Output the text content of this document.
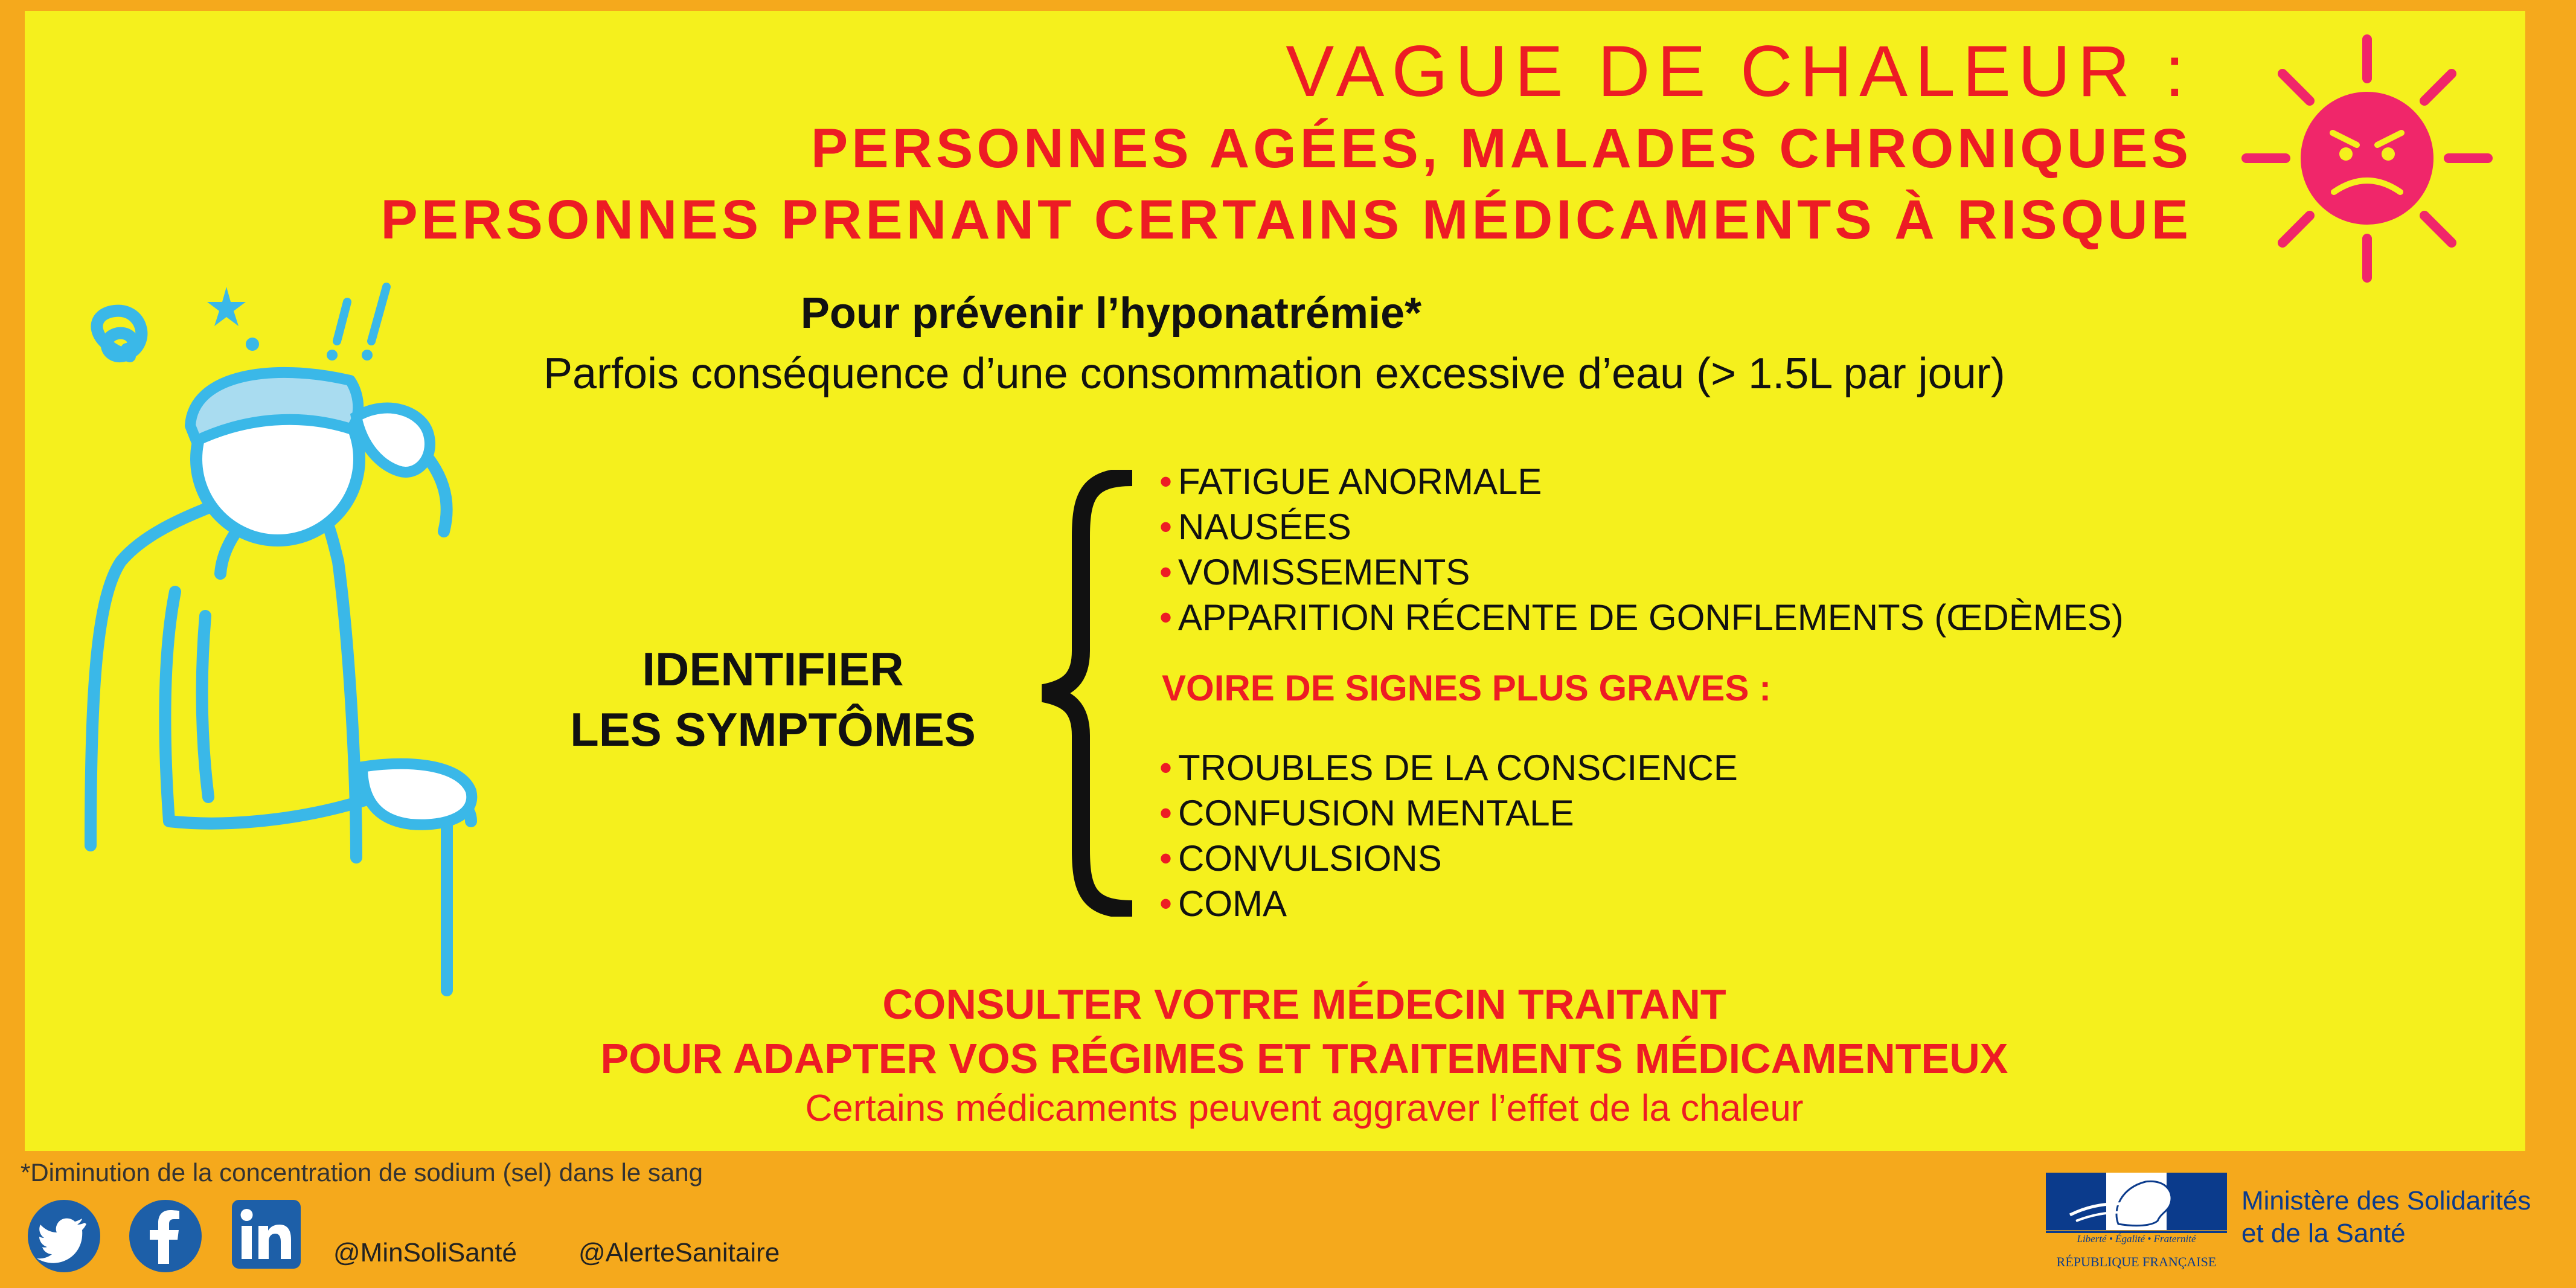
VAGUE DE CHALEUR :
PERSONNES AGÉES, MALADES CHRONIQUES
PERSONNES PRENANT CERTAINS MÉDICAMENTS À RISQUE
Pour prévenir l’hyponatrémie*
Parfois conséquence d’une consommation excessive d’eau (> 1.5L par jour)
IDENTIFIER
LES SYMPTÔMES
• FATIGUE ANORMALE
• NAUSÉES
• VOMISSEMENTS
• APPARITION RÉCENTE DE GONFLEMENTS (ŒDÈMES)
VOIRE DE SIGNES PLUS GRAVES :
• TROUBLES DE LA CONSCIENCE
• CONFUSION MENTALE
• CONVULSIONS
• COMA
CONSULTER VOTRE MÉDECIN TRAITANT
POUR ADAPTER VOS RÉGIMES ET TRAITEMENTS MÉDICAMENTEUX
Certains médicaments peuvent aggraver l’effet de la chaleur
*Diminution de la concentration de sodium (sel) dans le sang
@MinSoliSanté @AlerteSanitaire	Liberté • Égalité • Fraternité
RÉPUBLIQUE FRANÇAISE
Ministère des Solidarités
et de la Santé
